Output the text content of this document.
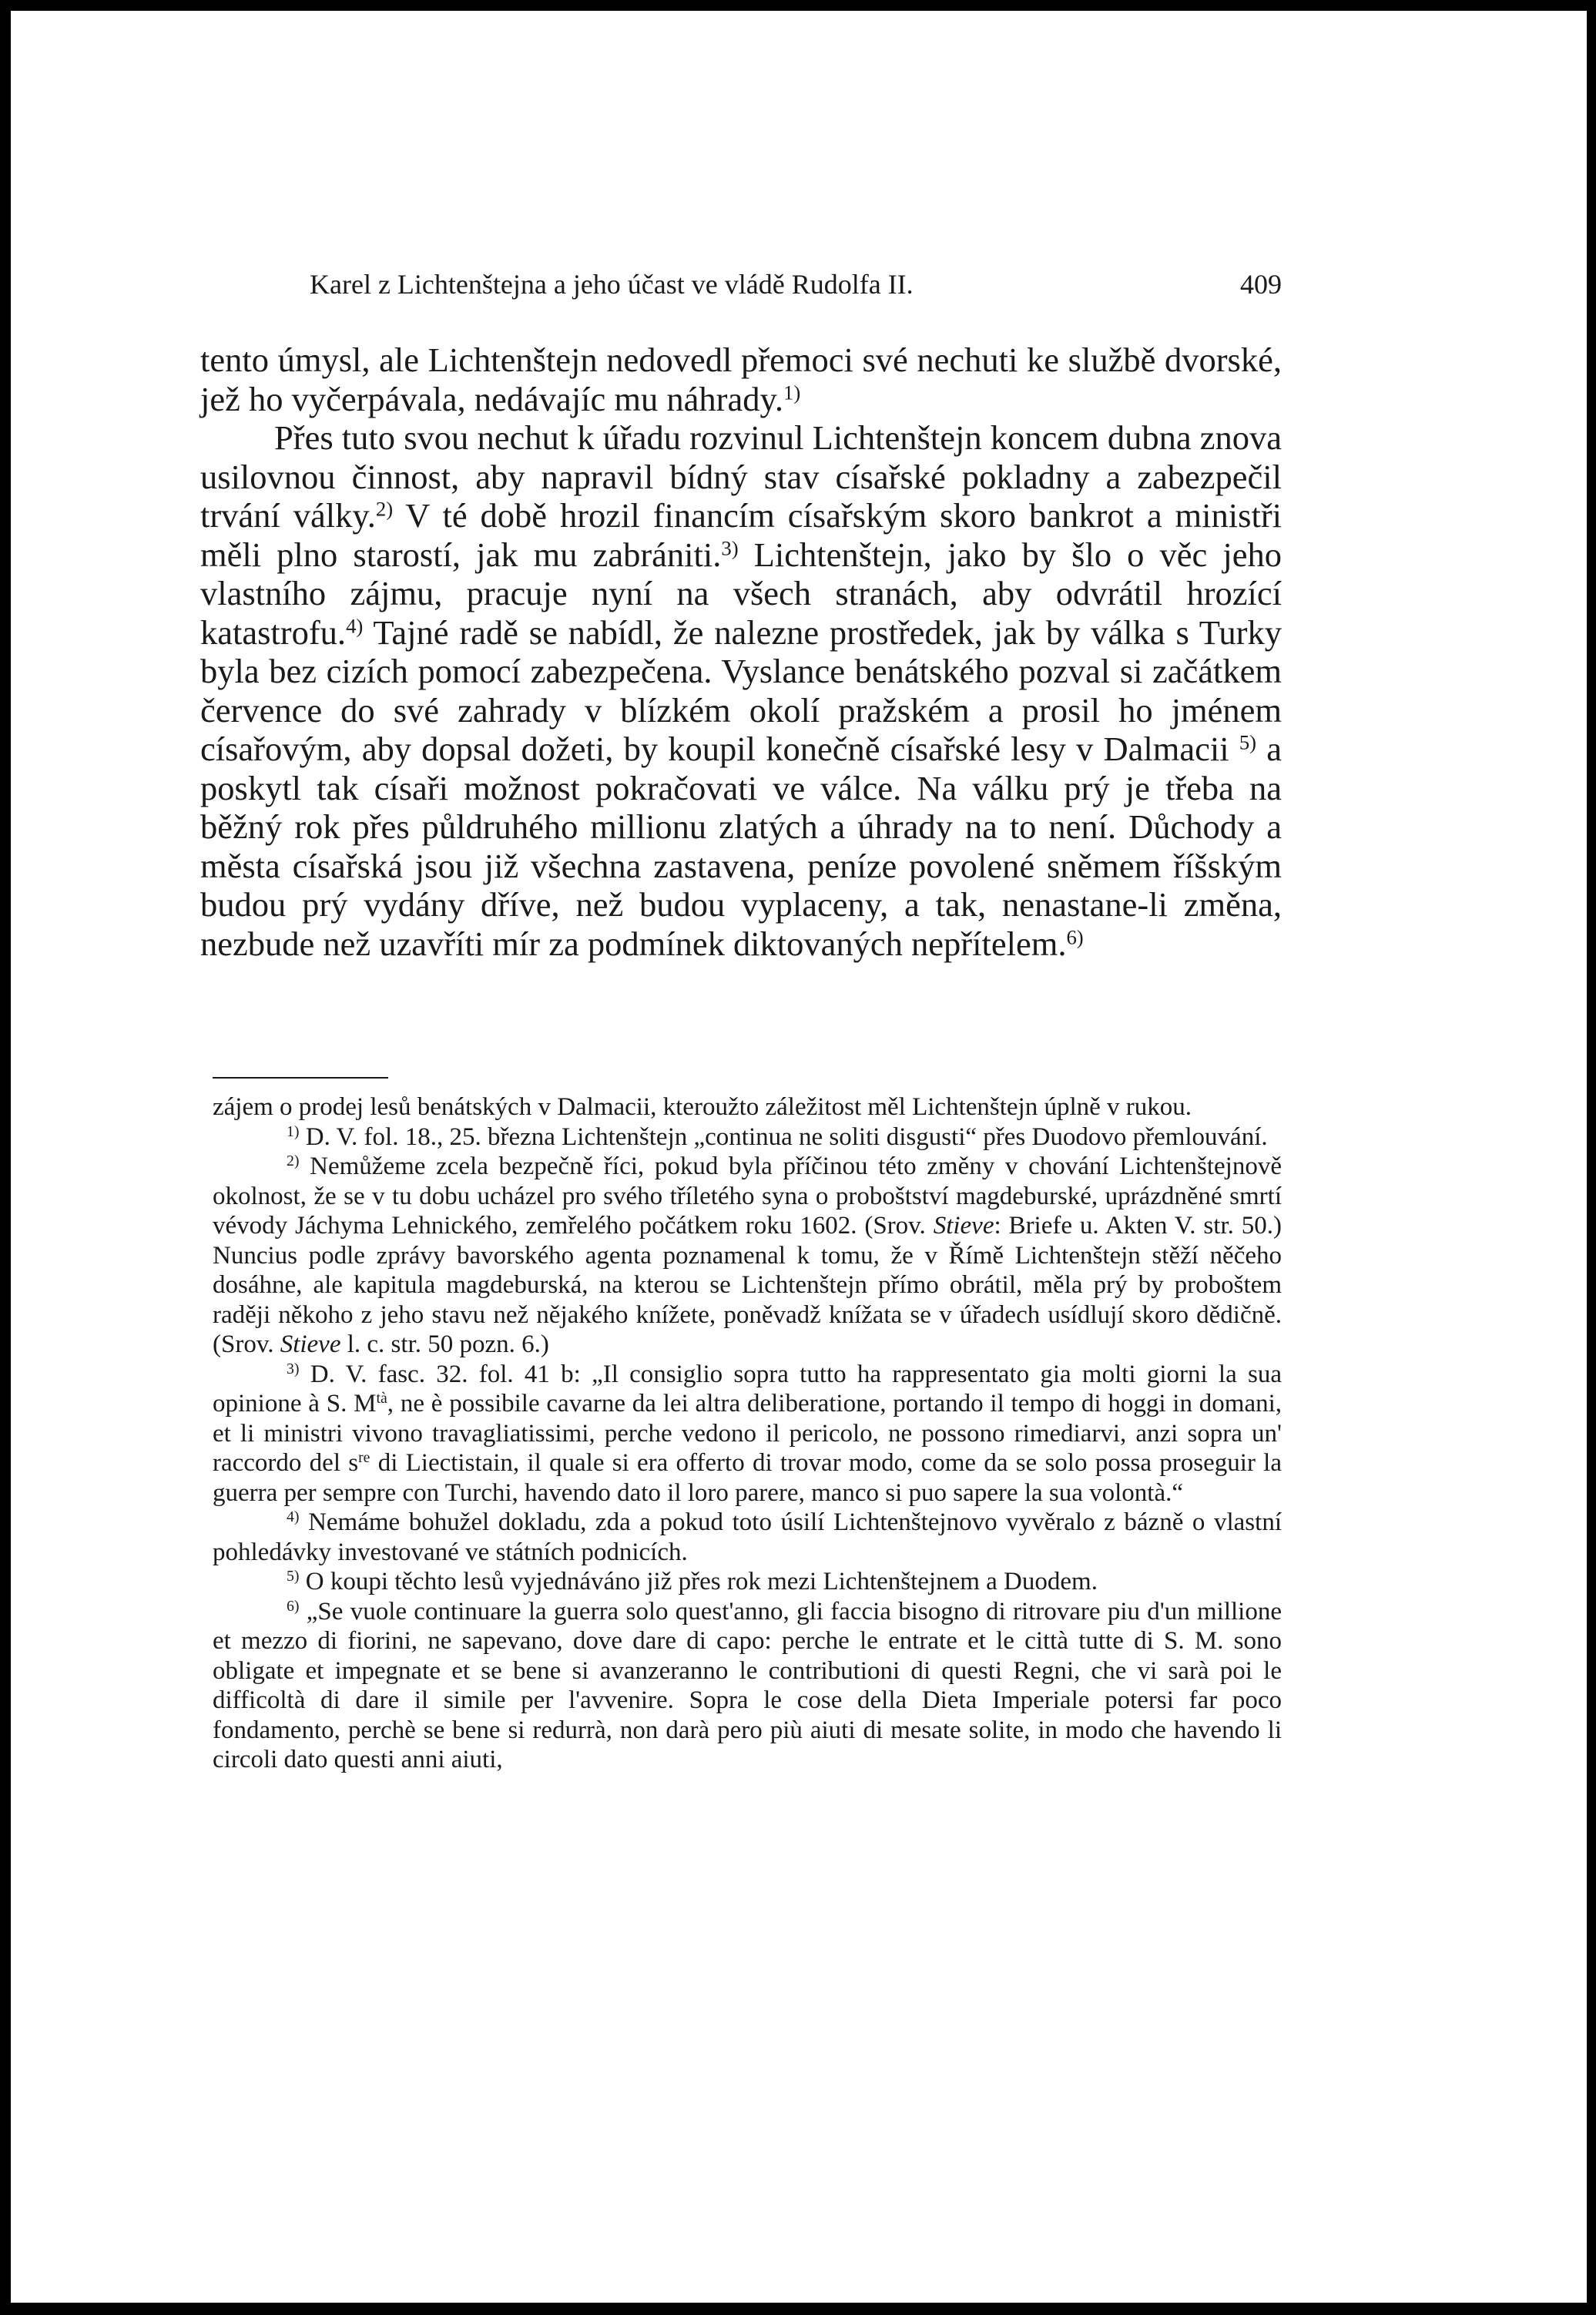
Karel z Lichtenštejna a jeho účast ve vládě Rudolfa II.	409

tento úmysl, ale Lichtenštejn nedovedl přemoci své nechuti ke službě dvorské, jež ho vyčerpávala, nedávajíc mu náhrady.$^{1)}$

Přes tuto svou nechut k úřadu rozvinul Lichtenštejn koncem dubna znova usilovnou činnost, aby napravil bídný stav císařské pokladny a zabezpečil trvání války.$^{2)}$ V té době hrozil financím císařským skoro bankrot a ministři měli plno starostí, jak mu zabrániti.$^{3)}$ Lichtenštejn, jako by šlo o věc jeho vlastního zájmu, pracuje nyní na všech stranách, aby odvrátil hrozící katastrofu.$^{4)}$ Tajné radě se nabídl, že nalezne prostředek, jak by válka s Turky byla bez cizích pomocí zabezpečena. Vyslance benátského pozval si začátkem července do své zahrady v blízkém okolí pražském a prosil ho jménem císařovým, aby dopsal dožeti, by koupil konečně císařské lesy v Dalmacii $^{5)}$ a poskytl tak císaři možnost pokračovati ve válce. Na válku prý je třeba na běžný rok přes půldruhého millionu zlatých a úhrady na to není. Důchody a města císařská jsou již všechna zastavena, peníze povolené sněmem říšským budou prý vydány dříve, než budou vyplaceny, a tak, nenastane-li změna, nezbude než uzavříti mír za podmínek diktovaných nepřítelem.$^{6)}$

zájem o prodej lesů benátských v Dalmacii, kteroužto záležitost měl Lichtenštejn úplně v rukou.

$^{1)}$ D. V. fol. 18., 25. března Lichtenštejn „continua ne soliti disgusti“ přes Duodovo přemlouvání.

$^{2)}$ Nemůžeme zcela bezpečně říci, pokud byla příčinou této změny v chování Lichtenštejnově okolnost, že se v tu dobu ucházel pro svého tříletého syna o proboštství magdeburské, uprázdněné smrtí vévody Jáchyma Lehnického, zemřelého počátkem roku 1602. (Srov. Stieve: Briefe u. Akten V. str. 50.) Nuncius podle zprávy bavorského agenta poznamenal k tomu, že v Římě Lichtenštejn stěží něčeho dosáhne, ale kapitula magdeburská, na kterou se Lichtenštejn přímo obrátil, měla prý by proboštem raději někoho z jeho stavu než nějakého knížete, poněvadž knížata se v úřadech usídlují skoro dědičně. (Srov. Stieve l. c. str. 50 pozn. 6.)

$^{3)}$ D. V. fasc. 32. fol. 41 b: „Il consiglio sopra tutto ha rappresentato gia molti giorni la sua opinione à S. $M^{tà}$, ne è possibile cavarne da lei altra deliberatione, portando il tempo di hoggi in domani, et li ministri vivono travagliatissimi, perche vedono il pericolo, ne possono rimediarvi, anzi sopra un' raccordo del $s^{re}$ di Liectistain, il quale si era offerto di trovar modo, come da se solo possa proseguir la guerra per sempre con Turchi, havendo dato il loro parere, manco si puo sapere la sua volontà.“

$^{4)}$ Nemáme bohužel dokladu, zda a pokud toto úsilí Lichtenštejnovo vyvěralo z bázně o vlastní pohledávky investované ve státních podnicích.

$^{5)}$ O koupi těchto lesů vyjednáváno již přes rok mezi Lichtenštejnem a Duodem.

$^{6)}$ „Se vuole continuare la guerra solo quest'anno, gli faccia bisogno di ritrovare piu d'un millione et mezzo di fiorini, ne sapevano, dove dare di capo: perche le entrate et le città tutte di S. M. sono obligate et impegnate et se bene si avanzeranno le contributioni di questi Regni, che vi sarà poi le difficoltà di dare il simile per l'avvenire. Sopra le cose della Dieta Imperiale potersi far poco fondamento, perchè se bene si redurrà, non darà pero più aiuti di mesate solite, in modo che havendo li circoli dato questi anni aiuti,
